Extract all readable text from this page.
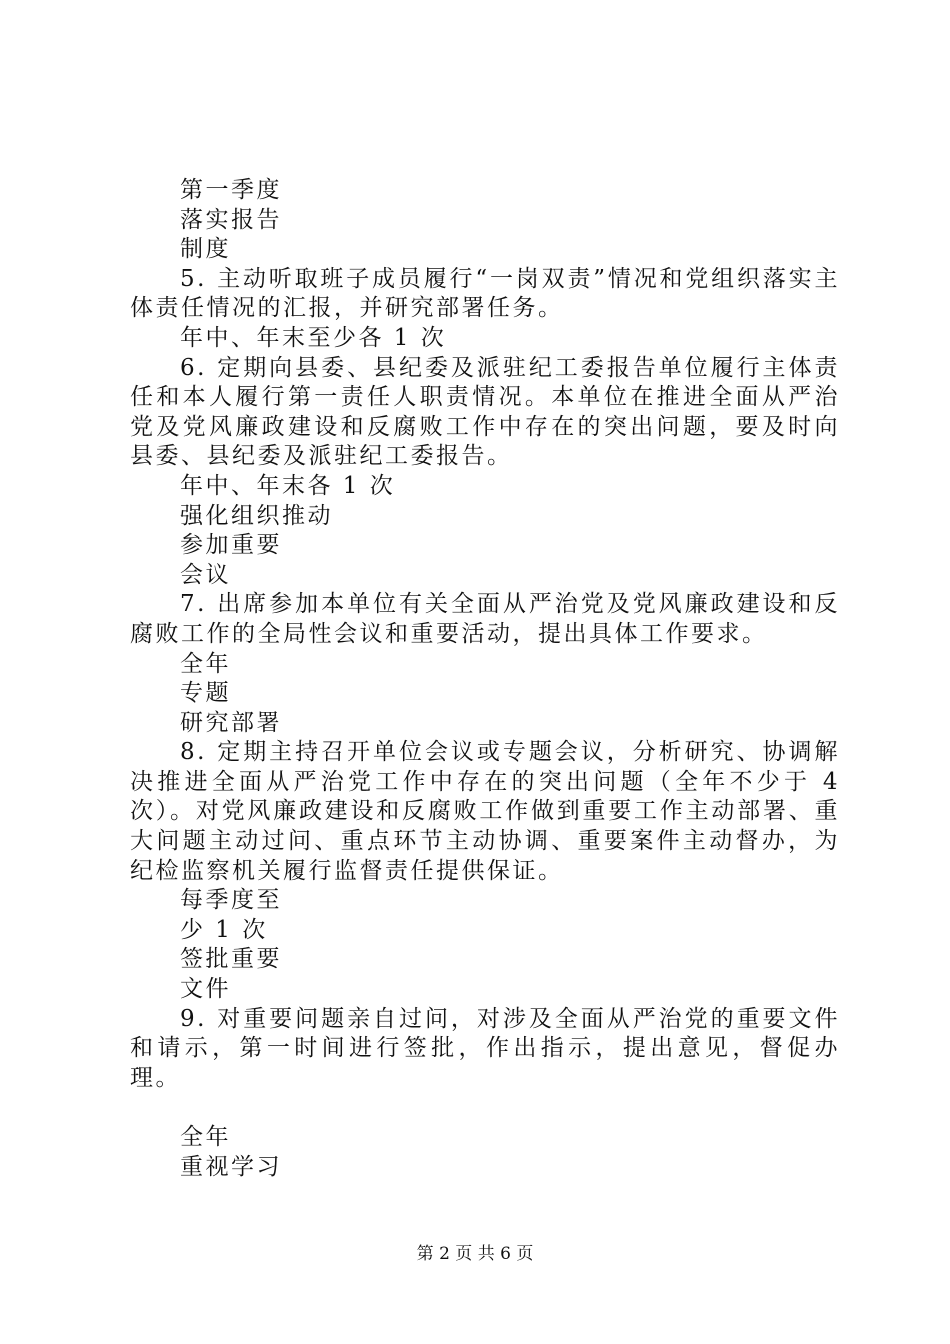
第一季度
落实报告
制度
5. 主动听取班子成员履行“一岗双责”情况和党组织落实主体责任情况的汇报，并研究部署任务。
年中、年末至少各 1 次
6. 定期向县委、县纪委及派驻纪工委报告单位履行主体责任和本人履行第一责任人职责情况。本单位在推进全面从严治党及党风廉政建设和反腐败工作中存在的突出问题，要及时向县委、县纪委及派驻纪工委报告。
年中、年末各 1 次
强化组织推动
参加重要
会议
7. 出席参加本单位有关全面从严治党及党风廉政建设和反腐败工作的全局性会议和重要活动，提出具体工作要求。
全年
专题
研究部署
8. 定期主持召开单位会议或专题会议，分析研究、协调解决推进全面从严治党工作中存在的突出问题（全年不少于 4 次）。对党风廉政建设和反腐败工作做到重要工作主动部署、重大问题主动过问、重点环节主动协调、重要案件主动督办，为纪检监察机关履行监督责任提供保证。
每季度至
少 1 次
签批重要
文件
9. 对重要问题亲自过问，对涉及全面从严治党的重要文件和请示，第一时间进行签批，作出指示，提出意见，督促办理。
全年
重视学习
第 2 页 共 6 页
